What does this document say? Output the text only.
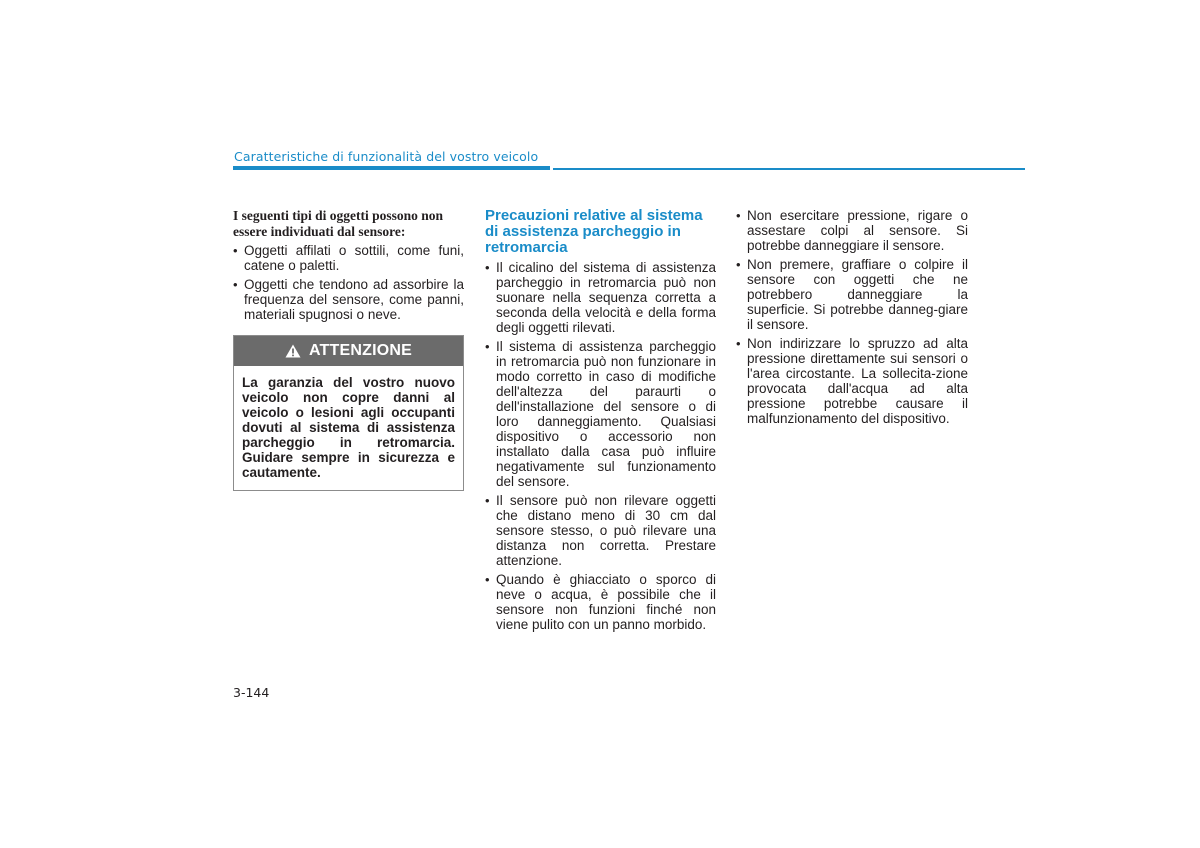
Caratteristiche di funzionalità del vostro veicolo

I seguenti tipi di oggetti possono non essere individuati dal sensore:

• Oggetti affilati o sottili, come funi, catene o paletti.
• Oggetti che tendono ad assorbire la frequenza del sensore, come panni, materiali spugnosi o neve.
ATTENZIONE
La garanzia del vostro nuovo veicolo non copre danni al veicolo o lesioni agli occupanti dovuti al sistema di assistenza parcheggio in retromarcia. Guidare sempre in sicurezza e cautamente.
Precauzioni relative al sistema di assistenza parcheggio in retromarcia
• Il cicalino del sistema di assistenza parcheggio in retromarcia può non suonare nella sequenza corretta a seconda della velocità e della forma degli oggetti rilevati.
• Il sistema di assistenza parcheggio in retromarcia può non funzionare in modo corretto in caso di modifiche dell'altezza del paraurti o dell'installazione del sensore o di loro danneggiamento. Qualsiasi dispositivo o accessorio non installato dalla casa può influire negativamente sul funzionamento del sensore.
• Il sensore può non rilevare oggetti che distano meno di 30 cm dal sensore stesso, o può rilevare una distanza non corretta. Prestare attenzione.
• Quando è ghiacciato o sporco di neve o acqua, è possibile che il sensore non funzioni finché non viene pulito con un panno morbido.
• Non esercitare pressione, rigare o assestare colpi al sensore. Si potrebbe danneggiare il sensore.
• Non premere, graffiare o colpire il sensore con oggetti che ne potrebbero danneggiare la superficie. Si potrebbe danneg-giare il sensore.
• Non indirizzare lo spruzzo ad alta pressione direttamente sui sensori o l'area circostante. La sollecita-zione provocata dall'acqua ad alta pressione potrebbe causare il malfunzionamento del dispositivo.
3-144
